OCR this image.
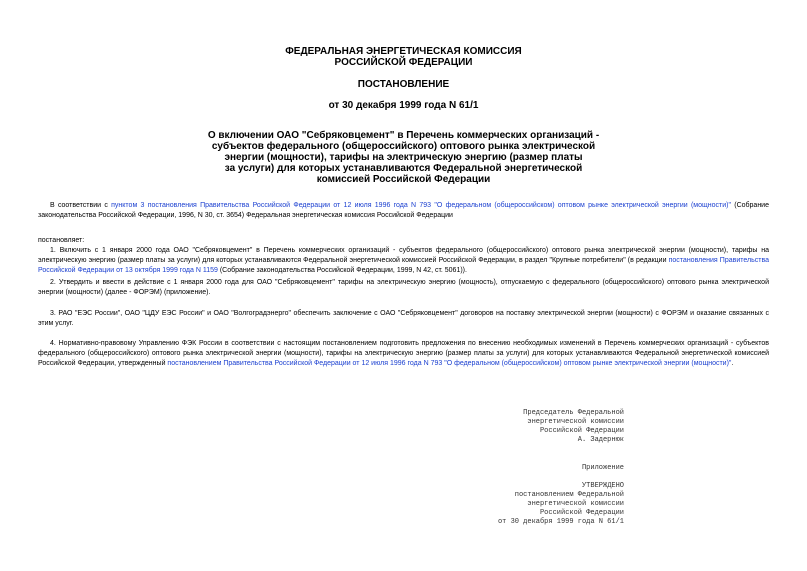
ФЕДЕРАЛЬНАЯ ЭНЕРГЕТИЧЕСКАЯ КОМИССИЯ
РОССИЙСКОЙ ФЕДЕРАЦИИ
ПОСТАНОВЛЕНИЕ
от 30 декабря 1999 года N 61/1
О включении ОАО "Себряковцемент" в Перечень коммерческих организаций -
субъектов федерального (общероссийского) оптового рынка электрической
энергии (мощности), тарифы на электрическую энергию (размер платы
за услуги) для которых устанавливаются Федеральной энергетической
комиссией Российской Федерации

В соответствии с пунктом 3 постановления Правительства Российской Федерации от 12 июля 1996 года N 793 "О федеральном (общероссийском) оптовом рынке электрической энергии (мощности)" (Собрание законодательства Российской Федерации, 1996, N 30, ст. 3654) Федеральная энергетическая комиссия Российской Федерации

постановляет:

1. Включить с 1 января 2000 года ОАО "Себряковцемент" в Перечень коммерческих организаций - субъектов федерального (общероссийского) оптового рынка электрической энергии (мощности), тарифы на электрическую энергию (размер платы за услуги) для которых устанавливаются Федеральной энергетической комиссией Российской Федерации, в раздел "Крупные потребители" (в редакции постановления Правительства Российской Федерации от 13 октября 1999 года N 1159 (Собрание законодательства Российской Федерации, 1999, N 42, ст. 5061)).

2. Утвердить и ввести в действие с 1 января 2000 года для ОАО "Себряковцемент" тарифы на электрическую энергию (мощность), отпускаемую с федерального (общероссийского) оптового рынка электрической энергии (мощности) (далее - ФОРЭМ) (приложение).

3. РАО "ЕЭС России", ОАО "ЦДУ ЕЭС России" и ОАО "Волгоградэнерго" обеспечить заключение с ОАО "Себряковцемент" договоров на поставку электрической энергии (мощности) с ФОРЭМ и оказание связанных с этим услуг.

4. Нормативно-правовому Управлению ФЭК России в соответствии с настоящим постановлением подготовить предложения по внесению необходимых изменений в Перечень коммерческих организаций - субъектов федерального (общероссийского) оптового рынка электрической энергии (мощности), тарифы на электрическую энергию (размер платы за услуги) для которых устанавливаются Федеральной энергетической комиссией Российской Федерации, утвержденный постановлением Правительства Российской Федерации от 12 июля 1996 года N 793 "О федеральном (общероссийском) оптовом рынке электрической энергии (мощности)".

Председатель Федеральной
энергетической комиссии
Российской Федерации
А. Задернюк
Приложение
УТВЕРЖДЕНО
постановлением Федеральной
энергетической комиссии
Российской Федерации
от 30 декабря 1999 года N 61/1
